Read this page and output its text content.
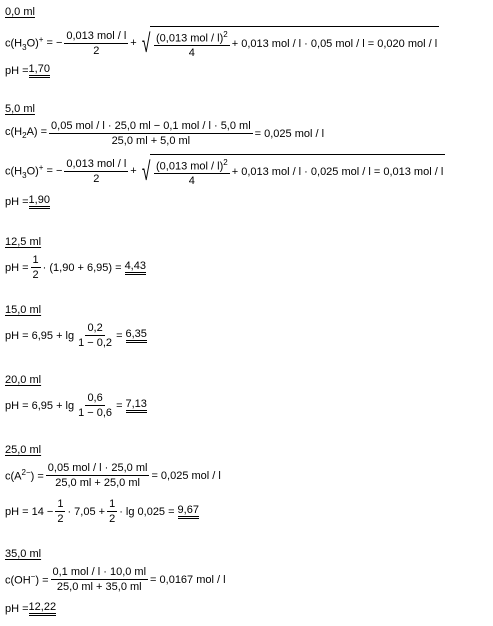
0,0 ml
$c(H_3O)^+$ = − $\frac{\text{0,013 mol / l}}{2}$ + √ $\frac{(0,013 mol / l)^2}{4} + 0,013$ mol / l · 0,05 mol / l = 0,020 mol / l
pH = 1,70
5,0 ml
$c(H_2A) = \frac{\text{0,05 mol / l · 25,0 ml − 0,1 mol / l · 5,0 ml}}{25,0 ml + 5,0 ml} = 0,025$ mol / l
$c(H_3O)^+$ = − $\frac{\text{0,013 mol / l}}{2}$ + √ $\frac{(0,013 mol / l)^2}{4} + 0,013$ mol / l · 0,025 mol / l = 0,013 mol / l
pH = 1,90
12,5 ml
pH = $\frac{1}{2} \cdot (1,90 + 6,95) = 4,43$
15,0 ml
pH = $6,95 + \lg \frac{0,2}{1 - 0,2} = 6,35$
20,0 ml
pH = $6,95 + \lg \frac{0,6}{1 - 0,6} = 7,13$
25,0 ml
$c(A^{2-}) = \frac{\text{0,05 mol / l · 25,0 ml}}{25,0 ml + 25,0 ml} = 0,025$ mol / l
pH = $14 - \frac{1}{2} \cdot 7,05 + \frac{1}{2} \cdot \lg 0,025 = 9,67$
35,0 ml
$c(OH^-) = \frac{\text{0,1 mol / l · 10,0 ml}}{25,0 ml + 35,0 ml} = 0,0167$ mol / l
pH = 12,22
